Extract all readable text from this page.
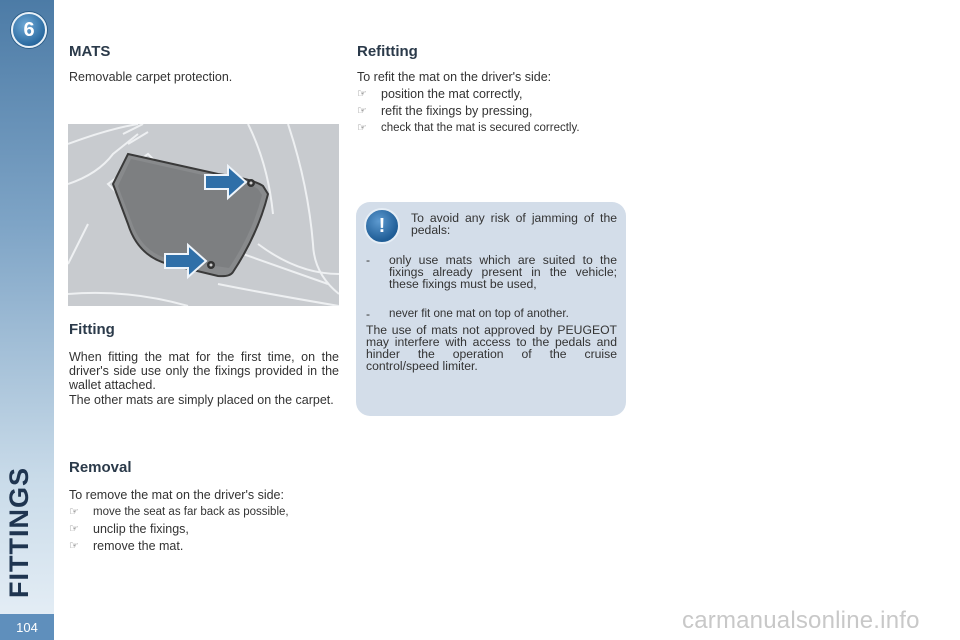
6
FITTINGS
104
MATS

Removable carpet protection.

Fitting

When fitting the mat for the first time, on the driver's side use only the fixings provided in the wallet attached.

The other mats are simply placed on the carpet.

Removal

To remove the mat on the driver's side:

☞ move the seat as far back as possible,
☞ unclip the fixings,
☞ remove the mat.
Refitting

To refit the mat on the driver's side:

☞ position the mat correctly,
☞ refit the fixings by pressing,
☞ check that the mat is secured correctly.
!	To avoid any risk of jamming of the pedals:

- only use mats which are suited to the fixings already present in the vehicle; these fixings must be used,

- never fit one mat on top of another.

The use of mats not approved by PEUGEOT may interfere with access to the pedals and hinder the operation of the cruise control/speed limiter.

carmanualsonline.info
